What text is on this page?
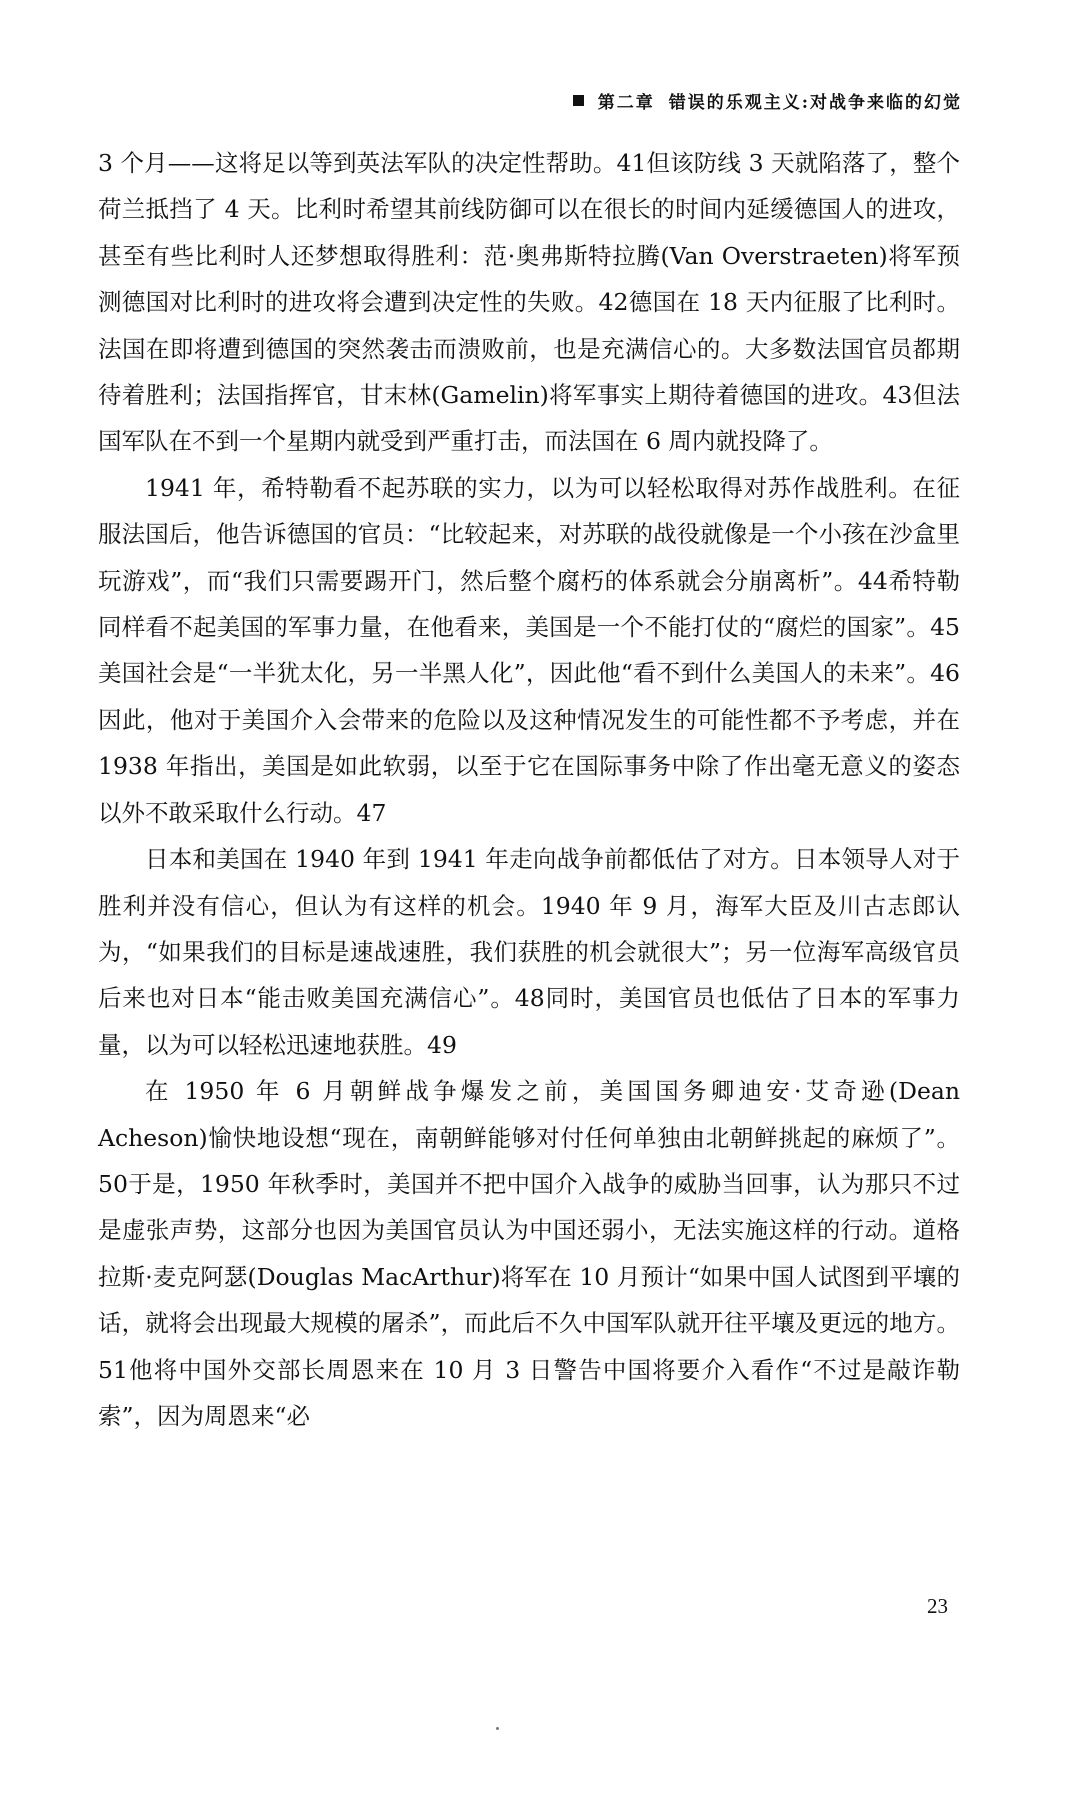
第二章 错误的乐观主义:对战争来临的幻觉

3 个月——这将足以等到英法军队的决定性帮助。41但该防线 3 天就陷落了，整个荷兰抵挡了 4 天。比利时希望其前线防御可以在很长的时间内延缓德国人的进攻，甚至有些比利时人还梦想取得胜利：范·奥弗斯特拉腾(Van Overstraeten)将军预测德国对比利时的进攻将会遭到决定性的失败。42德国在 18 天内征服了比利时。法国在即将遭到德国的突然袭击而溃败前，也是充满信心的。大多数法国官员都期待着胜利；法国指挥官，甘末林(Gamelin)将军事实上期待着德国的进攻。43但法国军队在不到一个星期内就受到严重打击，而法国在 6 周内就投降了。

1941 年，希特勒看不起苏联的实力，以为可以轻松取得对苏作战胜利。在征服法国后，他告诉德国的官员：“比较起来，对苏联的战役就像是一个小孩在沙盒里玩游戏”，而“我们只需要踢开门，然后整个腐朽的体系就会分崩离析”。44希特勒同样看不起美国的军事力量，在他看来，美国是一个不能打仗的“腐烂的国家”。45美国社会是“一半犹太化，另一半黑人化”，因此他“看不到什么美国人的未来”。46因此，他对于美国介入会带来的危险以及这种情况发生的可能性都不予考虑，并在 1938 年指出，美国是如此软弱，以至于它在国际事务中除了作出毫无意义的姿态以外不敢采取什么行动。47

日本和美国在 1940 年到 1941 年走向战争前都低估了对方。日本领导人对于胜利并没有信心，但认为有这样的机会。1940 年 9 月，海军大臣及川古志郎认为，“如果我们的目标是速战速胜，我们获胜的机会就很大”；另一位海军高级官员后来也对日本“能击败美国充满信心”。48同时，美国官员也低估了日本的军事力量，以为可以轻松迅速地获胜。49

在 1950 年 6 月朝鲜战争爆发之前，美国国务卿迪安·艾奇逊(Dean Acheson)愉快地设想“现在，南朝鲜能够对付任何单独由北朝鲜挑起的麻烦了”。50于是，1950 年秋季时，美国并不把中国介入战争的威胁当回事，认为那只不过是虚张声势，这部分也因为美国官员认为中国还弱小，无法实施这样的行动。道格拉斯·麦克阿瑟(Douglas MacArthur)将军在 10 月预计“如果中国人试图到平壤的话，就将会出现最大规模的屠杀”，而此后不久中国军队就开往平壤及更远的地方。51他将中国外交部长周恩来在 10 月 3 日警告中国将要介入看作“不过是敲诈勒索”，因为周恩来“必

23
